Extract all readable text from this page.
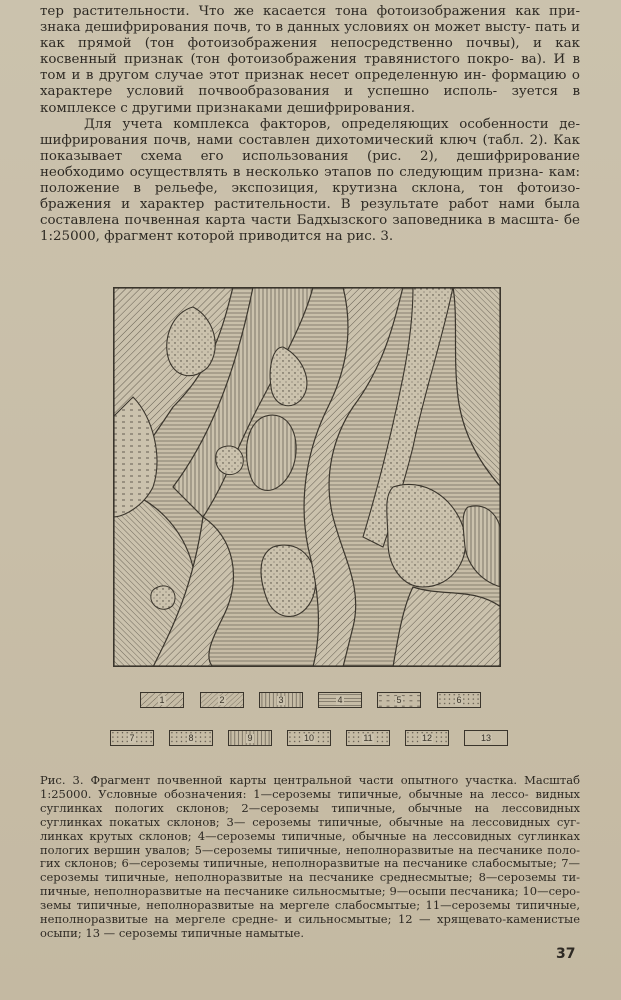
тер растительности. Что же касается тона фотоизображения как при- знака дешифрирования почв, то в данных условиях он может высту- пать и как прямой (тон фотоизображения непосредственно почвы), и как косвенный признак (тон фотоизображения травянистого покро- ва). И в том и в другом случае этот признак несет определенную ин- формацию о характере условий почвообразования и успешно исполь- зуется в комплексе с другими признаками дешифрирования.

Для учета комплекса факторов, определяющих особенности де- шифрирования почв, нами составлен дихотомический ключ (табл. 2). Как показывает схема его использования (рис. 2), дешифрирование необходимо осуществлять в несколько этапов по следующим призна- кам: положение в рельефе, экспозиция, крутизна склона, тон фотоизо- бражения и характер растительности. В результате работ нами была составлена почвенная карта части Бадхызского заповедника в масшта- бе 1:25000, фрагмент которой приводится на рис. 3.

1	2	3	4	5	6
7	8	9	10	11	12	13
Рис. 3. Фрагмент почвенной карты центральной части опытного участка. Масштаб 1:25000. Условные обозначения: 1—сероземы типичные, обычные на лессо- видных суглинках пологих склонов; 2—сероземы типичные, обычные на лессовидных суглинках покатых склонов; 3— сероземы типичные, обычные на лессовидных суг- линках крутых склонов; 4—сероземы типичные, обычные на лессовидных суглинках пологих вершин увалов; 5—сероземы типичные, неполноразвитые на песчанике поло- гих склонов; 6—сероземы типичные, неполноразвитые на песчанике слабосмытые; 7—сероземы типичные, неполноразвитые на песчанике среднесмытые; 8—сероземы ти- пичные, неполноразвитые на песчанике сильносмытые; 9—осыпи песчаника; 10—серо- земы типичные, неполноразвитые на мергеле слабосмытые; 11—сероземы типичные, неполноразвитые на мергеле средне- и сильносмытые; 12 — хрящевато-каменистые осыпи; 13 — сероземы типичные намытые.
37
